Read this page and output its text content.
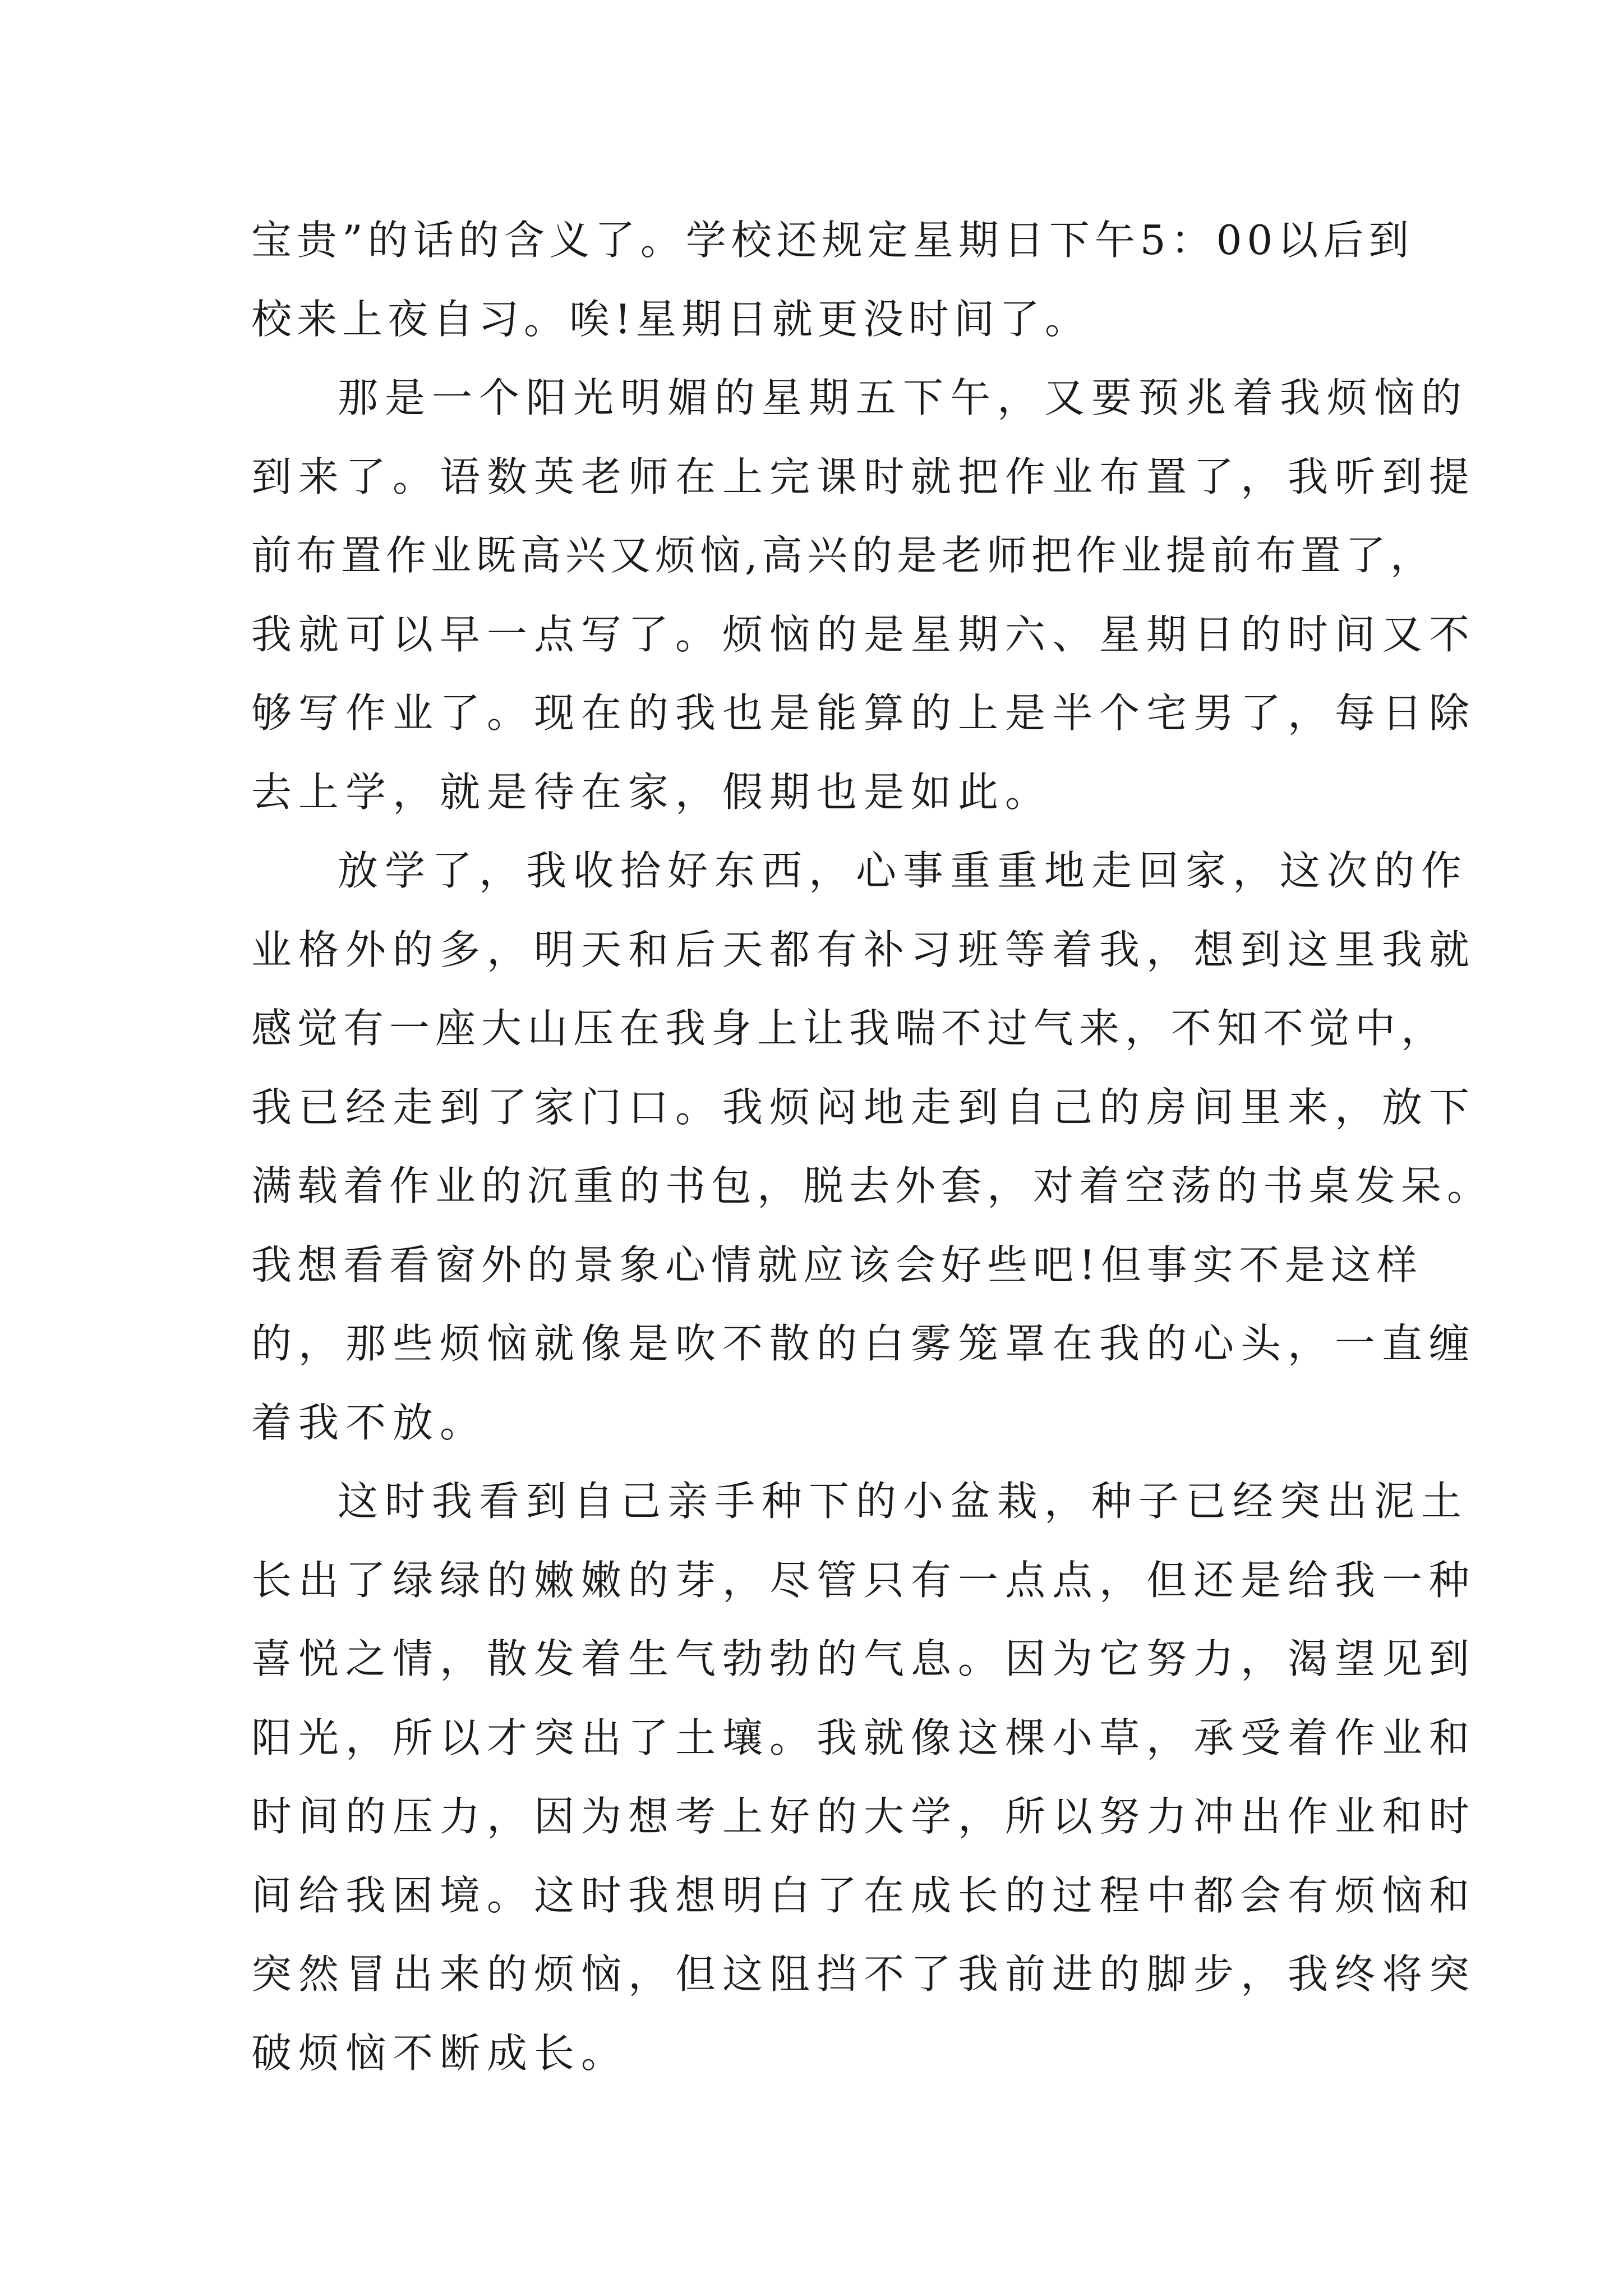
宝贵”的话的含义了。学校还规定星期日下午5：00以后到
校来上夜自习。唉!星期日就更没时间了。
那是一个阳光明媚的星期五下午，又要预兆着我烦恼的
到来了。语数英老师在上完课时就把作业布置了，我听到提
前布置作业既高兴又烦恼,高兴的是老师把作业提前布置了，
我就可以早一点写了。烦恼的是星期六、星期日的时间又不
够写作业了。现在的我也是能算的上是半个宅男了，每日除
去上学，就是待在家，假期也是如此。
放学了，我收拾好东西，心事重重地走回家，这次的作
业格外的多，明天和后天都有补习班等着我，想到这里我就
感觉有一座大山压在我身上让我喘不过气来，不知不觉中，
我已经走到了家门口。我烦闷地走到自己的房间里来，放下
满载着作业的沉重的书包，脱去外套，对着空荡的书桌发呆。
我想看看窗外的景象心情就应该会好些吧!但事实不是这样
的，那些烦恼就像是吹不散的白雾笼罩在我的心头，一直缠
着我不放。
这时我看到自己亲手种下的小盆栽，种子已经突出泥土
长出了绿绿的嫩嫩的芽，尽管只有一点点，但还是给我一种
喜悦之情，散发着生气勃勃的气息。因为它努力，渴望见到
阳光，所以才突出了土壤。我就像这棵小草，承受着作业和
时间的压力，因为想考上好的大学，所以努力冲出作业和时
间给我困境。这时我想明白了在成长的过程中都会有烦恼和
突然冒出来的烦恼，但这阻挡不了我前进的脚步，我终将突
破烦恼不断成长。
